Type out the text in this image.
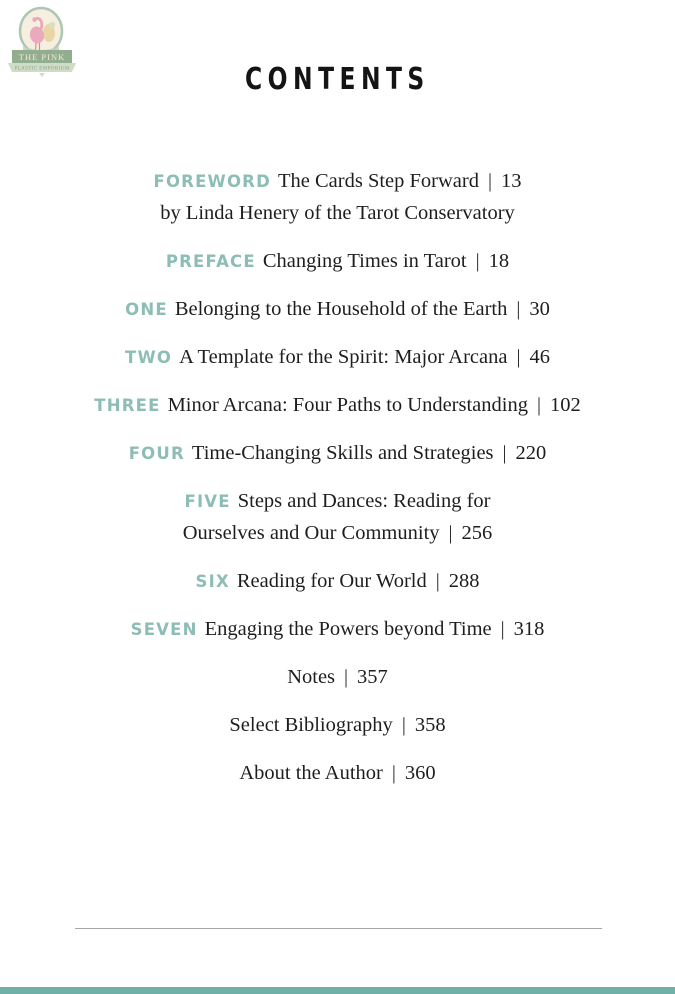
THE PINK
PLASTIC EMPORIUM	CONTENTS
FOREWORD The Cards Step Forward | 13
by Linda Henery of the Tarot Conservatory
PREFACE Changing Times in Tarot | 18
ONE Belonging to the Household of the Earth | 30
TWO A Template for the Spirit: Major Arcana | 46
THREE Minor Arcana: Four Paths to Understanding | 102
FOUR Time-Changing Skills and Strategies | 220
FIVE Steps and Dances: Reading for
Ourselves and Our Community | 256
SIX Reading for Our World | 288
SEVEN Engaging the Powers beyond Time | 318
Notes | 357
Select Bibliography | 358
About the Author | 360
